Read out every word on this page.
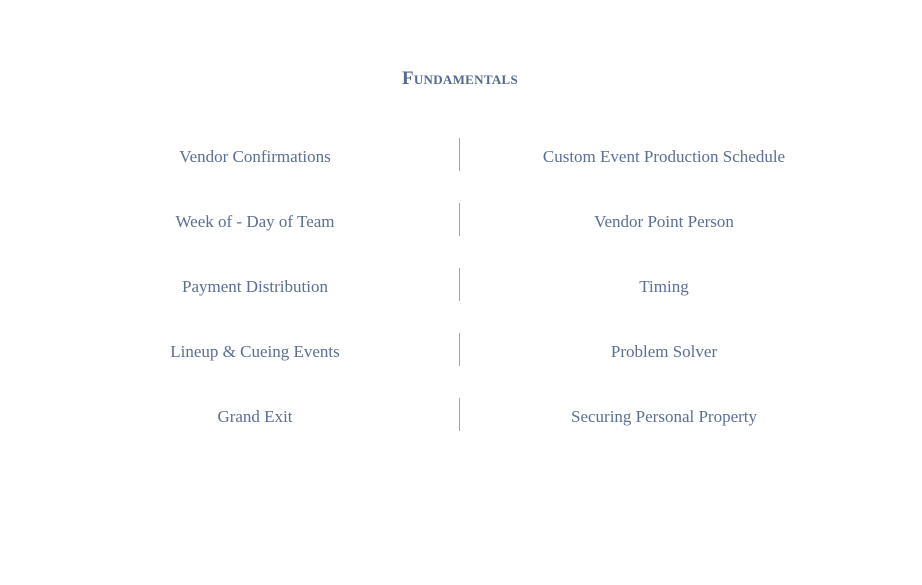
Fundamentals
Vendor Confirmations	Custom Event Production Schedule
Week of - Day of Team	Vendor Point Person
Payment Distribution	Timing
Lineup & Cueing Events	Problem Solver
Grand Exit	Securing Personal Property
